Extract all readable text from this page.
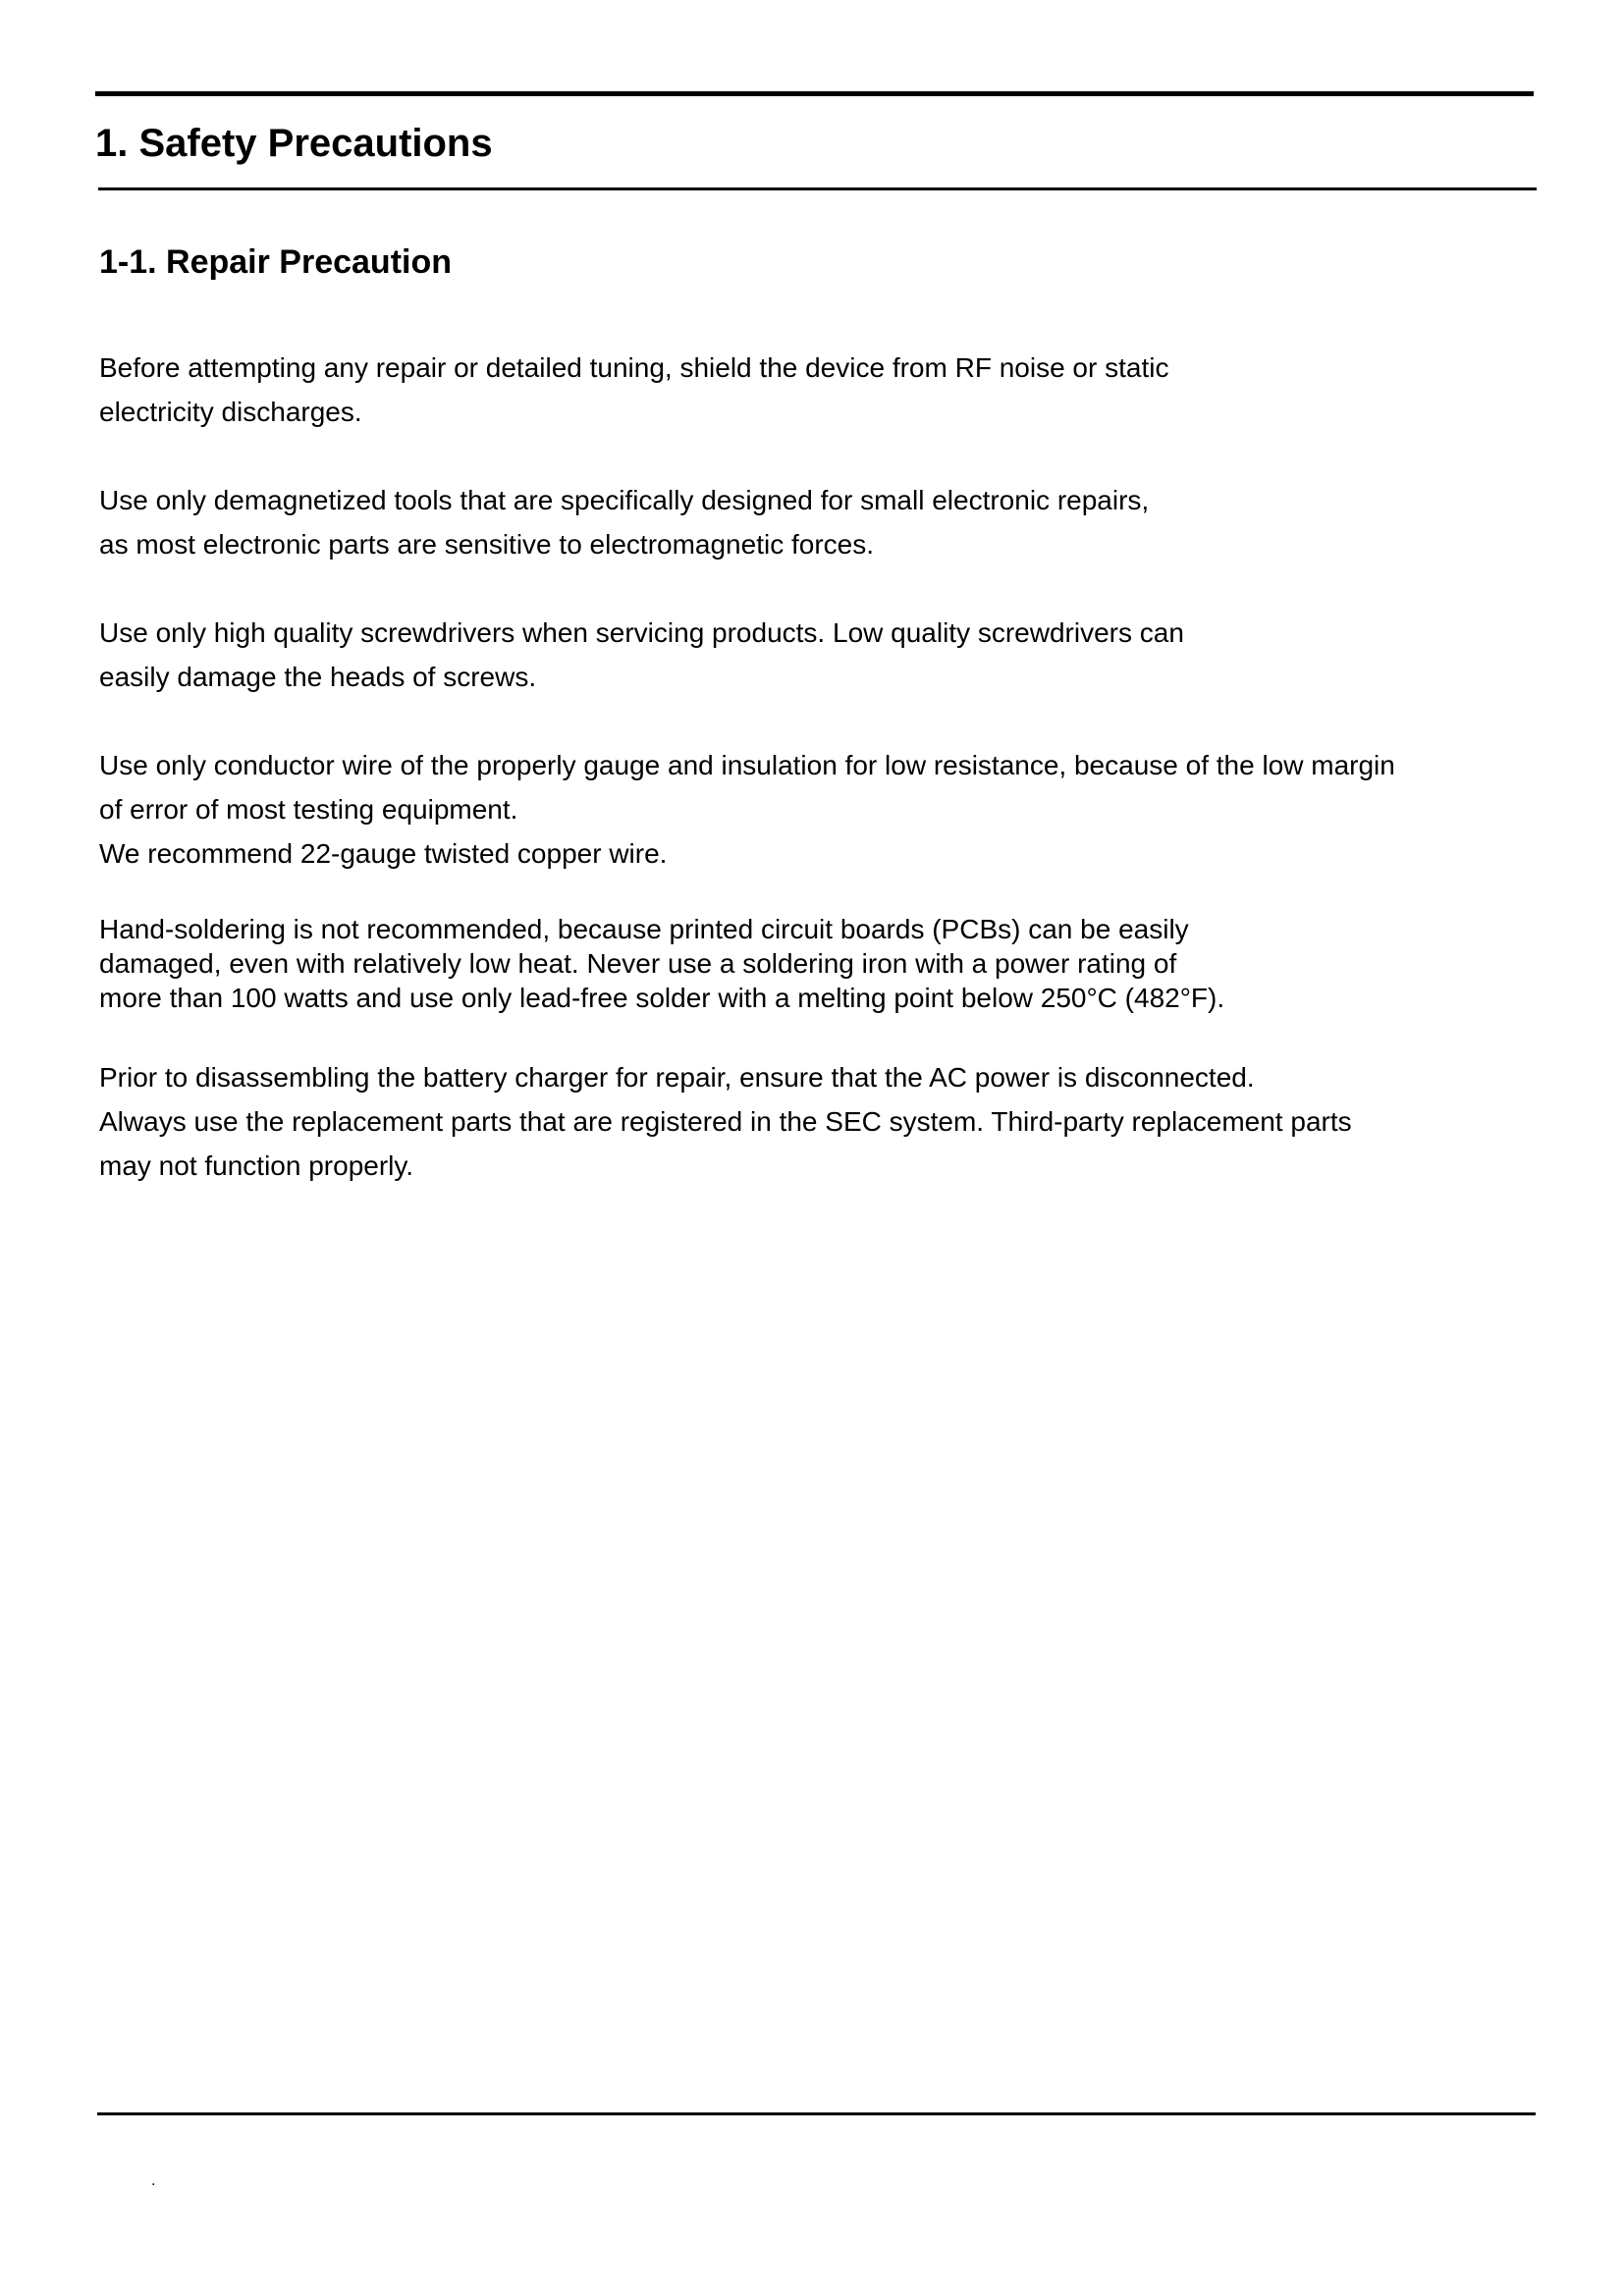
1. Safety Precautions
1-1. Repair Precaution
Before attempting any repair or detailed tuning, shield the device from RF noise or static
electricity discharges.
Use only demagnetized tools that are specifically designed for small electronic repairs,
as most electronic parts are sensitive to electromagnetic forces.
Use only high quality screwdrivers when servicing products. Low quality screwdrivers can
easily damage the heads of screws.
Use only conductor wire of the properly gauge and insulation for low resistance, because of the low margin
of error of most testing equipment.
We recommend 22-gauge twisted copper wire.
Hand-soldering is not recommended, because printed circuit boards (PCBs) can be easily
damaged, even with relatively low heat. Never use a soldering iron with a power rating of
more than 100 watts and use only lead-free solder with a melting point below 250°C (482°F).
Prior to disassembling the battery charger for repair, ensure that the AC power is disconnected.
Always use the replacement parts that are registered in the SEC system. Third-party replacement parts
may not function properly.
.
